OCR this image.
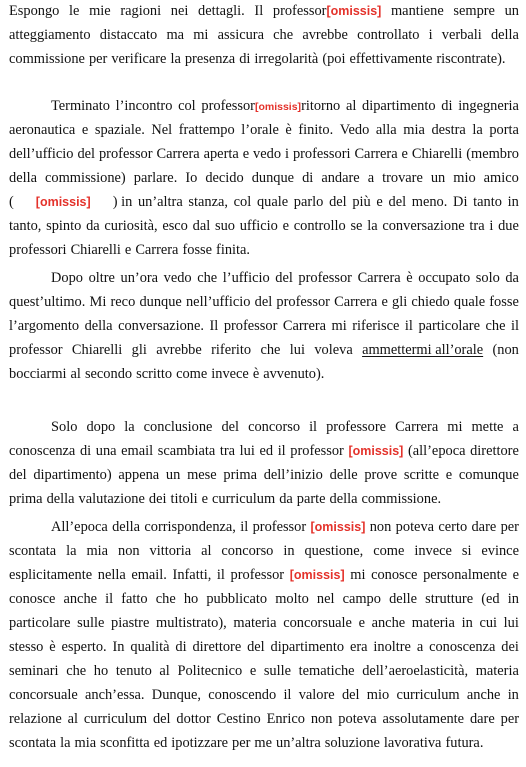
Espongo le mie ragioni nei dettagli. Il professor[omissis] mantiene sempre un
atteggiamento distaccato ma mi assicura che avrebbe controllato i verbali della
commissione per verificare la presenza di irregolarità (poi effettivamente riscontrate).
Terminato l’incontro col professor[omissis]ritorno al dipartimento di ingegneria
aeronautica e spaziale. Nel frattempo l’orale è finito. Vedo alla mia destra la porta
dell’ufficio del professor Carrera aperta e vedo i professori Carrera e Chiarelli (membro
della commissione) parlare. Io decido dunque di andare a trovare un mio amico
( [omissis] ) in un’altra stanza, col quale parlo del più e del meno. Di tanto in
tanto, spinto da curiosità, esco dal suo ufficio e controllo se la conversazione tra i due
professori Chiarelli e Carrera fosse finita.
Dopo oltre un’ora vedo che l’ufficio del professor Carrera è occupato solo da
quest’ultimo. Mi reco dunque nell’ufficio del professor Carrera e gli chiedo quale fosse
l’argomento della conversazione. Il professor Carrera mi riferisce il particolare che il
professor Chiarelli gli avrebbe riferito che lui voleva ammettermi all’orale (non
bocciarmi al secondo scritto come invece è avvenuto).
Solo dopo la conclusione del concorso il professore Carrera mi mette a
conoscenza di una email scambiata tra lui ed il professor [omissis] (all’epoca direttore
del dipartimento) appena un mese prima dell’inizio delle prove scritte e comunque
prima della valutazione dei titoli e curriculum da parte della commissione.
All’epoca della corrispondenza, il professor [omissis] non poteva certo dare per
scontata la mia non vittoria al concorso in questione, come invece si evince
esplicitamente nella email. Infatti, il professor [omissis] mi conosce personalmente e
conosce anche il fatto che ho pubblicato molto nel campo delle strutture (ed in
particolare sulle piastre multistrato), materia concorsuale e anche materia in cui lui
stesso è esperto. In qualità di direttore del dipartimento era inoltre a conoscenza dei
seminari che ho tenuto al Politecnico e sulle tematiche dell’aeroelasticità, materia
concorsuale anch’essa. Dunque, conoscendo il valore del mio curriculum anche in
relazione al curriculum del dottor Cestino Enrico non poteva assolutamente dare per
scontata la mia sconfitta ed ipotizzare per me un’altra soluzione lavorativa futura.
